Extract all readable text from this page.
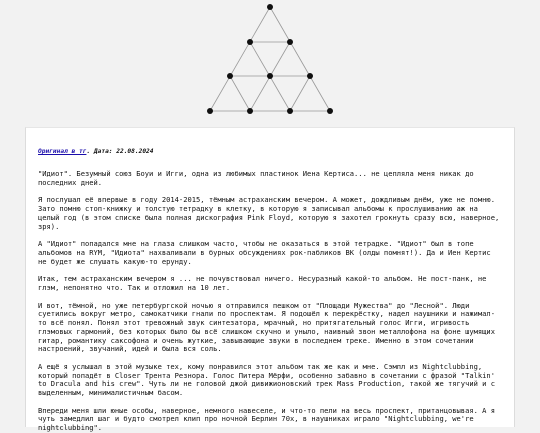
Оригинал в тг. Дата: 22.08.2024

"Идиот". Безумный союз Боуи и Игги, одна из любимых пластинок Иена Кертиса... не цепляла меня никак до последних дней.

Я послушал её впервые в году 2014-2015, тёмным астраханским вечером. А может, дождливым днём, уже не помню. Зато помню стоп-книжку и толстую тетрадку в клетку, в которую я записывал альбомы к прослушиванию аж на целый год (в этом списке была полная дискография Pink Floyd, которую я захотел грокнуть сразу всю, наверное, зря).

А "Идиот" попадался мне на глаза слишком часто, чтобы не оказаться в этой тетрадке. "Идиот" был в топе альбомов на RYM, "Идиота" нахваливали в бурных обсуждениях рок-пабликов ВК (олды помнят!). Да и Иен Кертис не будет же слушать какую-то ерунду.

Итак, тем астраханским вечером я ... не почувствовал ничего. Несуразный какой-то альбом. Не пост-панк, не глэм, непонятно что. Так и отложил на 10 лет.

И вот, тёмной, но уже петербургской ночью я отправился пешком от "Площади Мужества" до "Лесной". Люди суетились вокруг метро, самокатчики гнали по проспектам. Я подошёл к перекрёстку, надел наушники и нажимал-то всё понял. Понял этот тревожный звук синтезатора, мрачный, но притягательный голос Игги, игривость глэмовых гармоний, без которых было бы всё слишком скучно и уныло, наивный звон металлофона на фоне шумящих гитар, романтику саксофона и очень жуткие, завывающие звуки в последнем треке. Именно в этом сочетании настроений, звучаний, идей и была вся соль.

А ещё я услышал в этой музыке тех, кому понравился этот альбом так же как и мне. Сэмпл из Nightclubbing, который попадёт в Closer Трента Резнора. Голос Питера Мёрфи, особенно забавно в сочетании с фразой "Talkin' to Dracula and his crew". Чуть ли не головой джой дивижионовский трек Mass Production, такой же тягучий и с выделенным, минималистичным басом.

Впереди меня шли юные особы, наверное, немного навеселе, и что-то пели на весь проспект, пританцовывая. А я чуть замедлил шаг и будто смотрел клип про ночной Берлин 70х, в наушниках играло "Nightclubbing, we're nightclubbing".
